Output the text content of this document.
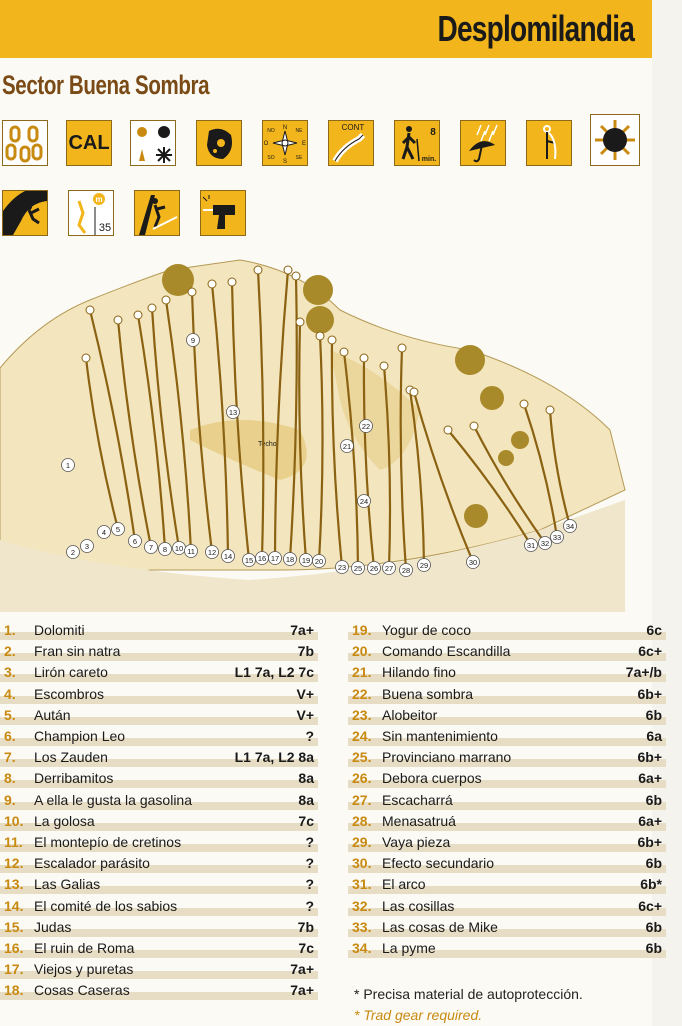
Desplomilandia
Sector Buena Sombra
CAL
N
S
E
O
NE
NO
SE
SO
CONT	8
min.
m
35
Techo
1
2
3
4 5
6
7 8
9
10 11 12
13
14 15 16 17 18 19 20
21
22
23
24
25 26 27 28
29	30
31 32
33
34
1. Dolomiti	7a+
2. Fran sin natra	7b
3. Lirón careto	L1 7a, L2 7c
4. Escombros	V+
5. Aután	V+
6. Champion Leo	?
7. Los Zauden	L1 7a, L2 8a
8. Derribamitos	8a
9. A ella le gusta la gasolina	8a
10. La golosa	7c
11. El montepío de cretinos	?
12. Escalador parásito	?
13. Las Galias	?
14. El comité de los sabios	?
15. Judas	7b
16. El ruin de Roma	7c
17. Viejos y puretas	7a+
18. Cosas Caseras	7a+
19. Yogur de coco	6c
20. Comando Escandilla	6c+
21. Hilando fino	7a+/b
22. Buena sombra	6b+
23. Alobeitor	6b
24. Sin mantenimiento	6a
25. Provinciano marrano	6b+
26. Debora cuerpos	6a+
27. Escacharrá	6b
28. Menasatruá	6a+
29. Vaya pieza	6b+
30. Efecto secundario	6b
31. El arco	6b*
32. Las cosillas	6c+
33. Las cosas de Mike	6b
34. La pyme	6b
* Precisa material de autoprotección.
* Trad gear required.
